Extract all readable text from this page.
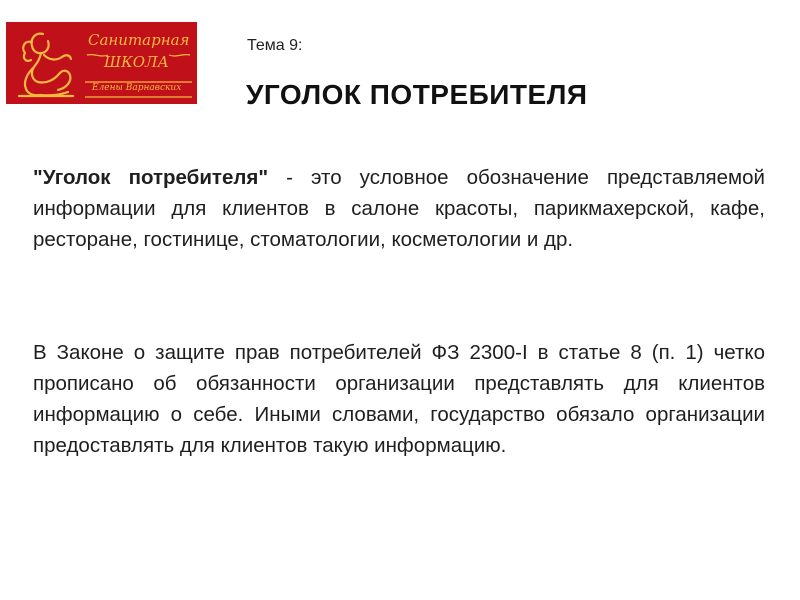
Санитарная
ШКОЛА
Елены Варнавских
Тема 9:
УГОЛОК ПОТРЕБИТЕЛЯ
"Уголок потребителя" - это условное обозначение представляемой информации для клиентов в салоне красоты, парикмахерской, кафе, ресторане, гостинице, стоматологии, косметологии и др.
В Законе о защите прав потребителей ФЗ 2300-I в статье 8 (п. 1) четко прописано об обязанности организации представлять для клиентов информацию о себе. Иными словами, государство обязало организации предоставлять для клиентов такую информацию.
